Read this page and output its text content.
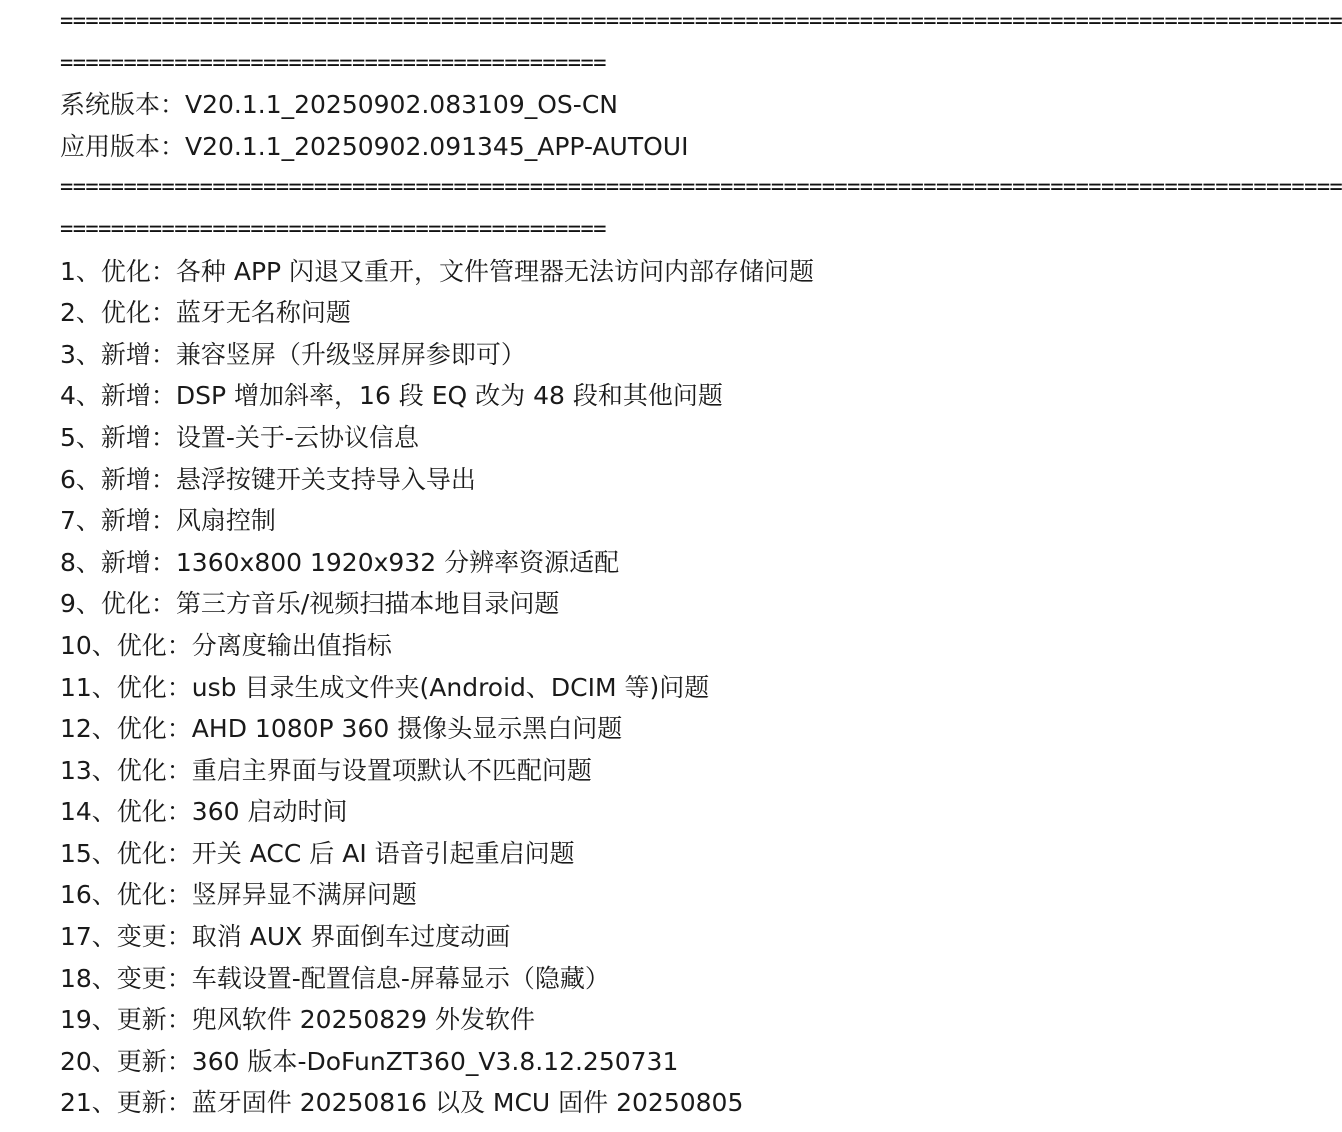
=====================================================================================================
===========================================
系统版本：V20.1.1_20250902.083109_OS-CN
应用版本：V20.1.1_20250902.091345_APP-AUTOUI
=====================================================================================================
===========================================
1、优化：各种 APP 闪退又重开，文件管理器无法访问内部存储问题
2、优化：蓝牙无名称问题
3、新增：兼容竖屏（升级竖屏屏参即可）
4、新增：DSP 增加斜率，16 段 EQ 改为 48 段和其他问题
5、新增：设置-关于-云协议信息
6、新增：悬浮按键开关支持导入导出
7、新增：风扇控制
8、新增：1360x800 1920x932 分辨率资源适配
9、优化：第三方音乐/视频扫描本地目录问题
10、优化：分离度输出值指标
11、优化：usb 目录生成文件夹(Android、DCIM 等)问题
12、优化：AHD 1080P 360 摄像头显示黑白问题
13、优化：重启主界面与设置项默认不匹配问题
14、优化：360 启动时间
15、优化：开关 ACC 后 AI 语音引起重启问题
16、优化：竖屏异显不满屏问题
17、变更：取消 AUX 界面倒车过度动画
18、变更：车载设置-配置信息-屏幕显示（隐藏）
19、更新：兜风软件 20250829 外发软件
20、更新：360 版本-DoFunZT360_V3.8.12.250731
21、更新：蓝牙固件 20250816 以及 MCU 固件 20250805
